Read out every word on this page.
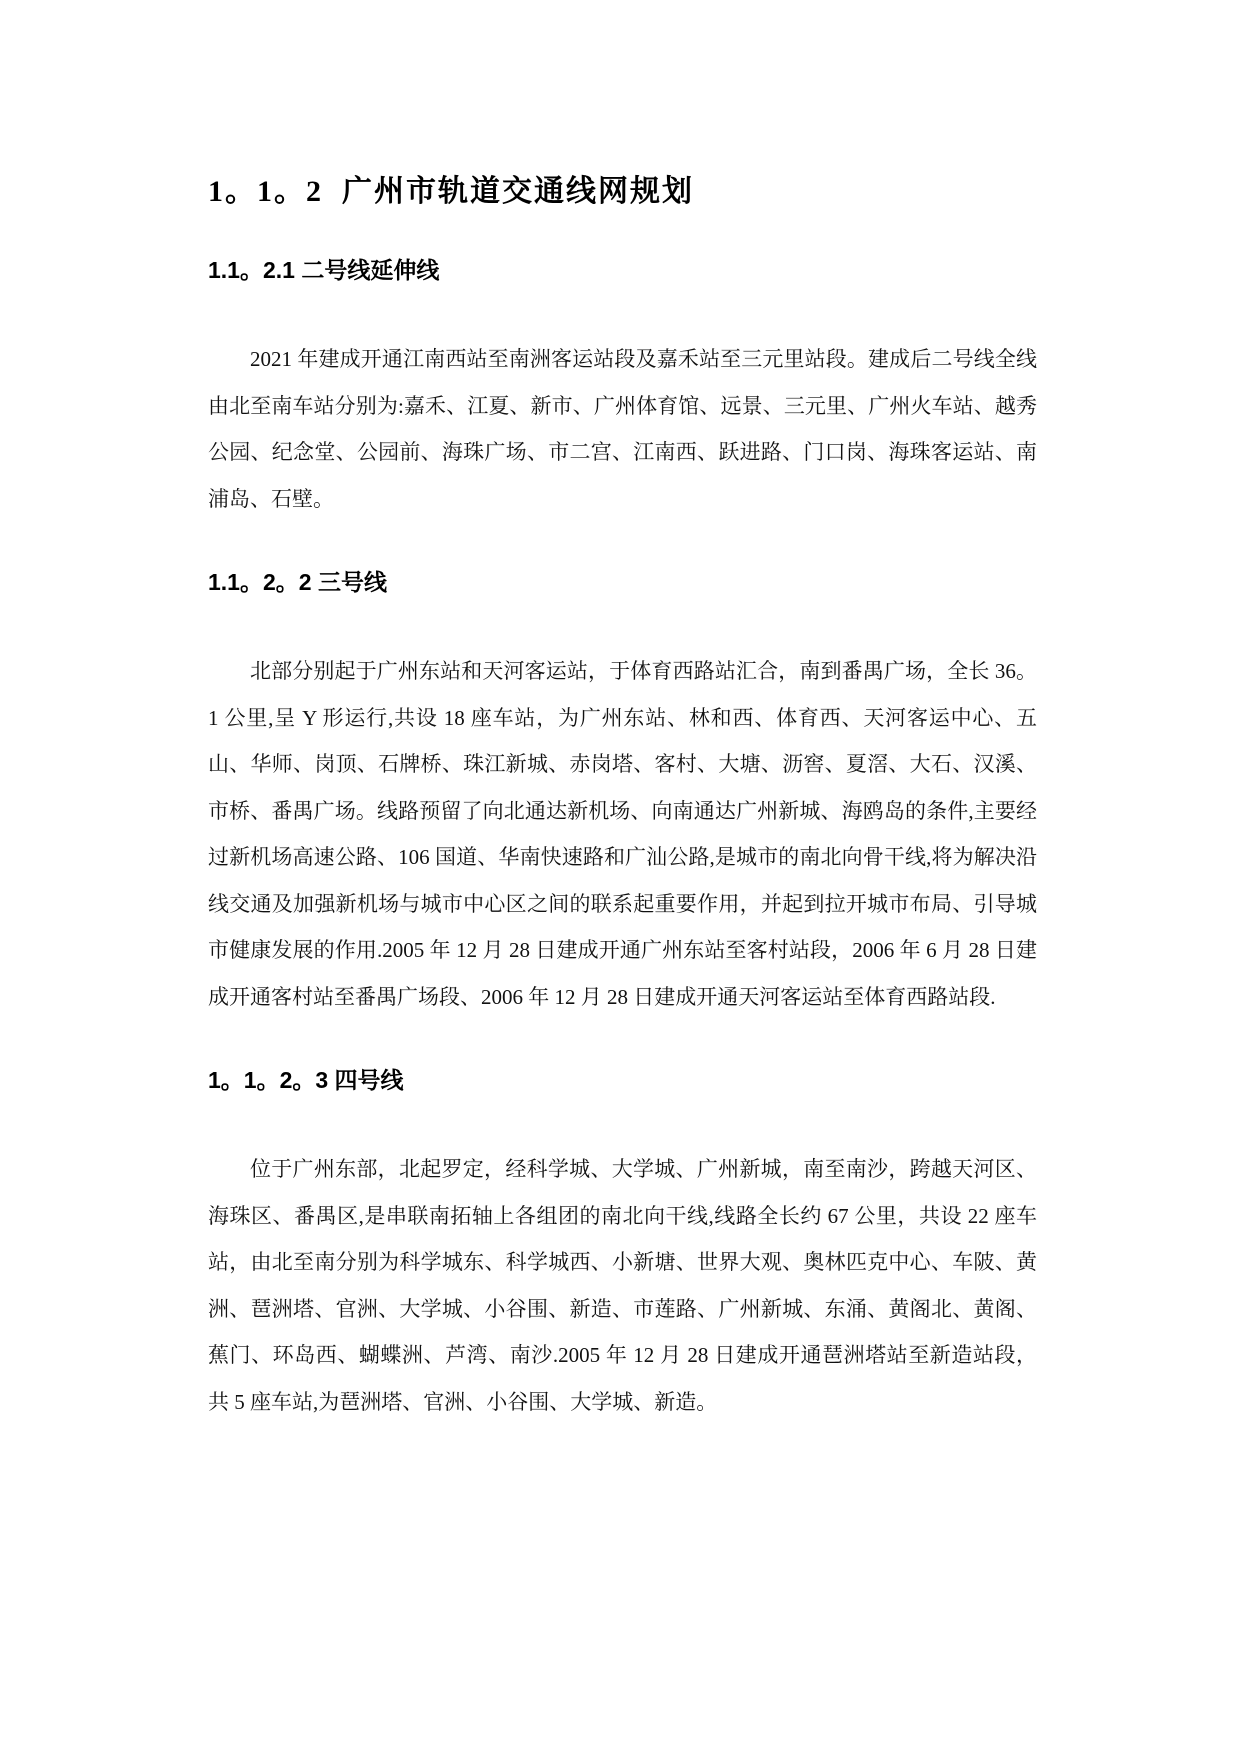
1。1。2  广州市轨道交通线网规划
1.1。2.1 二号线延伸线

2021 年建成开通江南西站至南洲客运站段及嘉禾站至三元里站段。建成后二号线全线由北至南车站分别为:嘉禾、江夏、新市、广州体育馆、远景、三元里、广州火车站、越秀公园、纪念堂、公园前、海珠广场、市二宫、江南西、跃进路、门口岗、海珠客运站、南浦岛、石壁。

1.1。2。2 三号线

北部分别起于广州东站和天河客运站，于体育西路站汇合，南到番禺广场，全长 36。1 公里,呈 Y 形运行,共设 18 座车站，为广州东站、林和西、体育西、天河客运中心、五山、华师、岗顶、石牌桥、珠江新城、赤岗塔、客村、大塘、沥窖、夏滘、大石、汉溪、市桥、番禺广场。线路预留了向北通达新机场、向南通达广州新城、海鸥岛的条件,主要经过新机场高速公路、106 国道、华南快速路和广汕公路,是城市的南北向骨干线,将为解决沿线交通及加强新机场与城市中心区之间的联系起重要作用，并起到拉开城市布局、引导城市健康发展的作用.2005 年 12 月 28 日建成开通广州东站至客村站段，2006 年 6 月 28 日建成开通客村站至番禺广场段、2006 年 12 月 28 日建成开通天河客运站至体育西路站段.

1。1。2。3 四号线

位于广州东部，北起罗定，经科学城、大学城、广州新城，南至南沙，跨越天河区、海珠区、番禺区,是串联南拓轴上各组团的南北向干线,线路全长约 67 公里，共设 22 座车站，由北至南分别为科学城东、科学城西、小新塘、世界大观、奥林匹克中心、车陂、黄洲、琶洲塔、官洲、大学城、小谷围、新造、市莲路、广州新城、东涌、黄阁北、黄阁、蕉门、环岛西、蝴蝶洲、芦湾、南沙.2005 年 12 月 28 日建成开通琶洲塔站至新造站段，共 5 座车站,为琶洲塔、官洲、小谷围、大学城、新造。
